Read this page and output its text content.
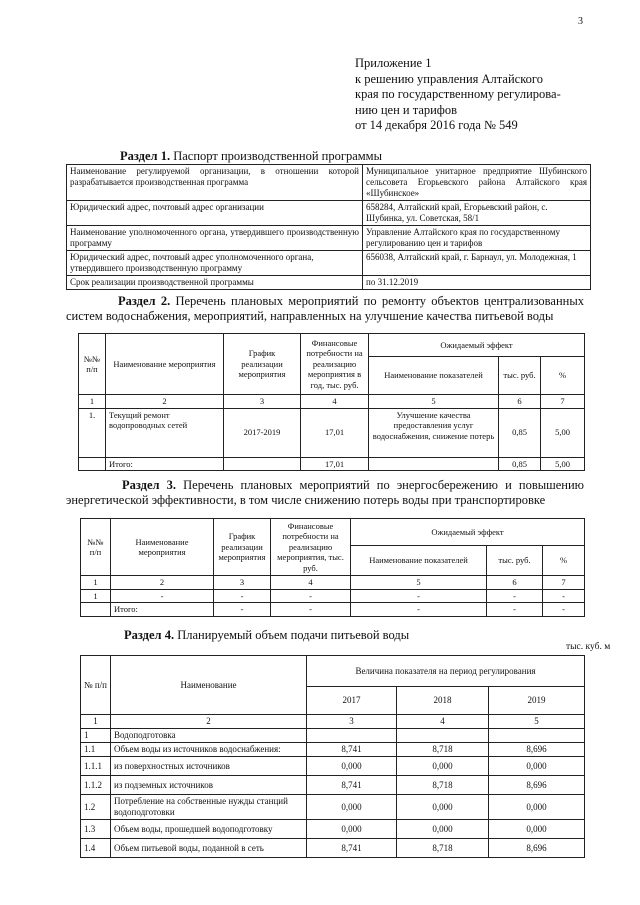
3
Приложение 1
к решению управления Алтайского
края по государственному регулирова-
нию цен и тарифов
от 14 декабря 2016 года № 549
Раздел 1. Паспорт производственной программы
Наименование регулируемой организации, в отношении которой разрабатывается производственная программа	Муниципальное унитарное предприятие Шубинского сельсовета Егорьевского района Алтайского края «Шубинское»
Юридический адрес, почтовый адрес организации	658284, Алтайский край, Егорьевский район, с. Шубинка, ул. Советская, 58/1
Наименование уполномоченного органа, утвердившего производственную программу	Управление Алтайского края по государственному регулированию цен и тарифов
Юридический адрес, почтовый адрес уполномоченного органа, утвердившего производственную программу	656038, Алтайский край, г. Барнаул, ул. Молодежная, 1
Срок реализации производственной программы	по 31.12.2019
Раздел 2. Перечень плановых мероприятий по ремонту объектов централизованных систем водоснабжения, мероприятий, направленных на улучшение качества питьевой воды
№№ п/п	Наименование мероприятия	График реализации мероприятия	Финансовые потребности на реализацию мероприятия в год, тыс. руб.	Ожидаемый эффект		
				Наименование показателей	тыс. руб.	%
1	2	3	4	5	6	7
1.	Текущий ремонт водопроводных сетей	2017-2019	17,01	Улучшение качества предоставления услуг водоснабжения, снижение потерь	0,85	5,00
	Итого:		17,01		0,85	5,00
Раздел 3. Перечень плановых мероприятий по энергосбережению и повышению энергетической эффективности, в том числе снижению потерь воды при транспортировке
№№ п/п	Наименование мероприятия	График реализации мероприятия	Финансовые потребности на реализацию мероприятия, тыс. руб.	Ожидаемый эффект		
				Наименование показателей	тыс. руб.	%
1	2	3	4	5	6	7
1	-	-	-	-	-	-
	Итого:	-	-	-	-	-
Раздел 4. Планируемый объем подачи питьевой воды
тыс. куб. м
№ п/п	Наименование	Величина показателя на период регулирования		
		2017	2018	2019
1	2	3	4	5
1	Водоподготовка			
1.1	Объем воды из источников водоснабжения:	8,741	8,718	8,696
1.1.1	из поверхностных источников	0,000	0,000	0,000
1.1.2	из подземных источников	8,741	8,718	8,696
1.2	Потребление на собственные нужды станций водоподготовки	0,000	0,000	0,000
1.3	Объем воды, прошедшей водоподготовку	0,000	0,000	0,000
1.4	Объем питьевой воды, поданной в сеть	8,741	8,718	8,696
